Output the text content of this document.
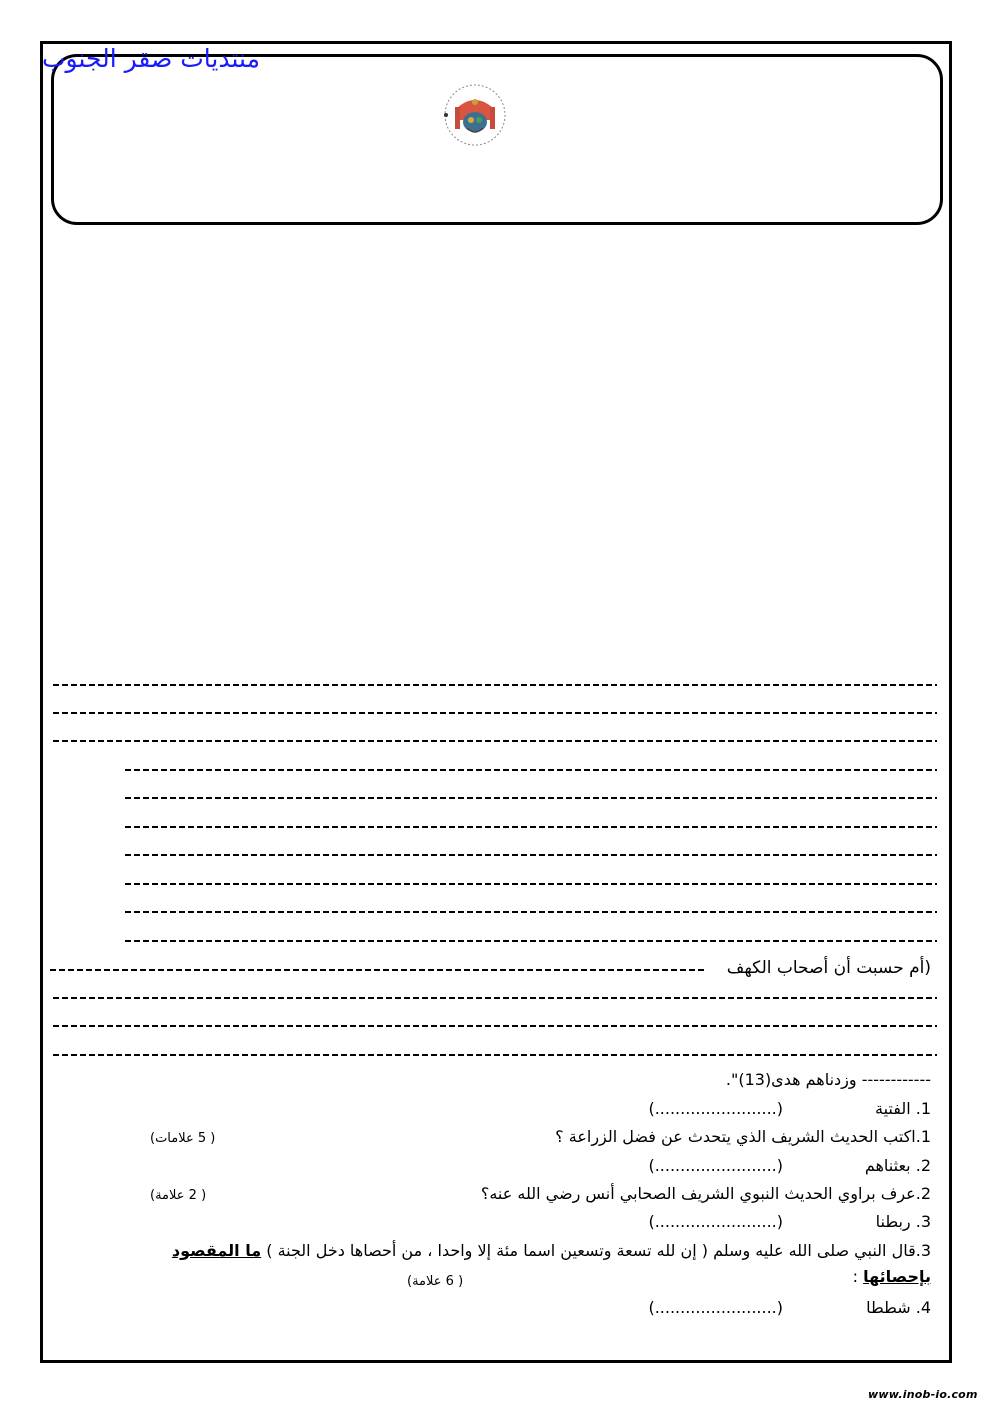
منتديات صقر الجنوب
(أم حسبت أن أصحاب الكهف
------------ وزدناهم هدى(13)".
1. الفتية
(........................)
1.اكتب الحديث الشريف الذي يتحدث عن فضل الزراعة ؟
( 5 علامات)
2. بعثناهم
(........................)
2.عرف براوي الحديث النبوي الشريف الصحابي أنس رضي الله عنه؟
( 2 علامة)
3. ربطنا
(........................)
3.قال النبي صلى الله عليه وسلم ( إن لله تسعة وتسعين اسما مئة إلا واحدا ، من أحصاها دخل الجنة ) ما المقصود
بإحصائها :
( 6 علامة)
4. شططا
(........................)
www.inob-io.com
